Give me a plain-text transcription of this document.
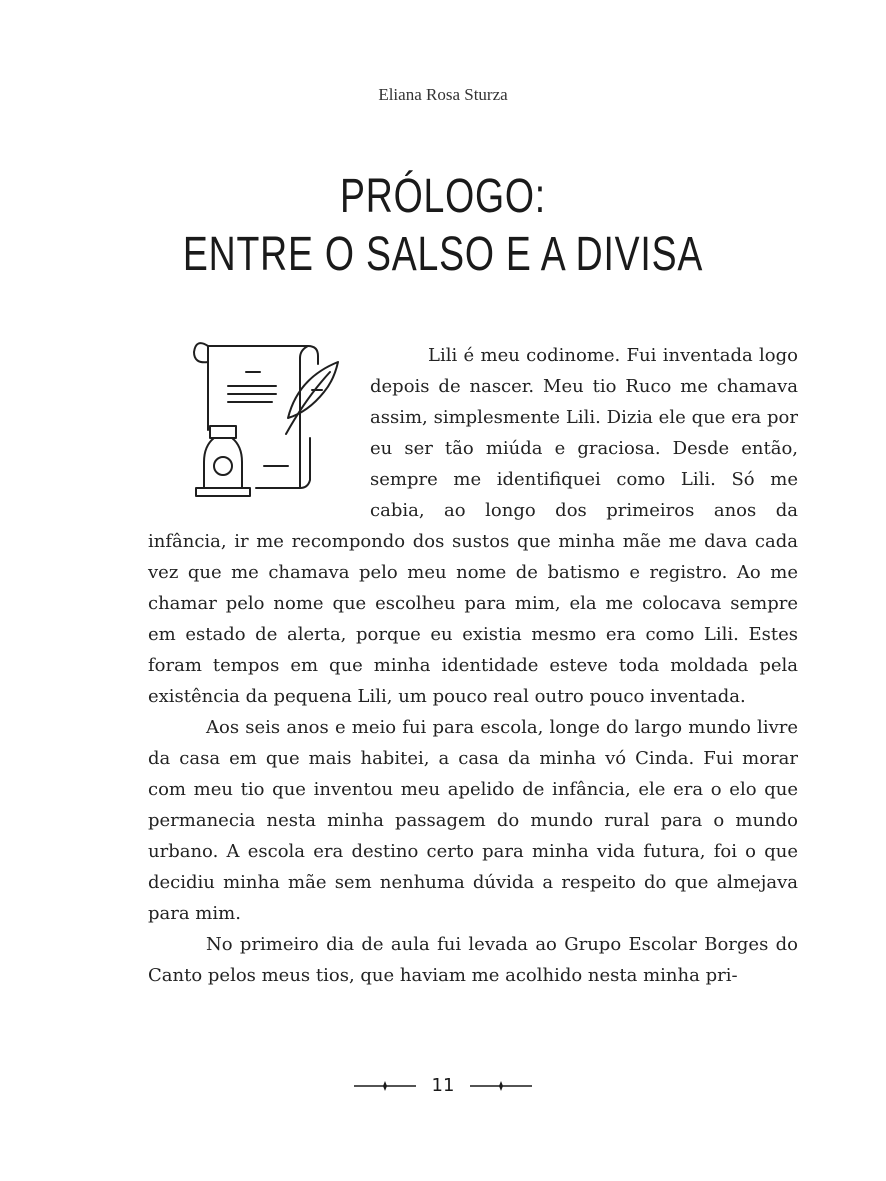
Eliana Rosa Sturza
PRÓLOGO:
ENTRE O SALSO E A DIVISA

Lili é meu codinome. Fui inventada logo depois de nascer. Meu tio Ruco me chamava assim, simplesmente Lili. Dizia ele que era por eu ser tão miúda e graciosa. Desde então, sempre me identifiquei como Lili. Só me cabia, ao longo dos primeiros anos da infância, ir me recompondo dos sustos que minha mãe me dava cada vez que me chamava pelo meu nome de batismo e registro. Ao me chamar pelo nome que escolheu para mim, ela me colocava sempre em estado de alerta, porque eu existia mesmo era como Lili. Estes foram tempos em que minha identidade esteve toda moldada pela existência da pequena Lili, um pouco real outro pouco inventada.

Aos seis anos e meio fui para escola, longe do largo mundo livre da casa em que mais habitei, a casa da minha vó Cinda. Fui morar com meu tio que inventou meu apelido de infância, ele era o elo que permanecia nesta minha passagem do mundo rural para o mundo urbano. A escola era destino certo para minha vida futura, foi o que decidiu minha mãe sem nenhuma dúvida a respeito do que almejava para mim.

No primeiro dia de aula fui levada ao Grupo Escolar Borges do Canto pelos meus tios, que haviam me acolhido nesta minha pri-

11
